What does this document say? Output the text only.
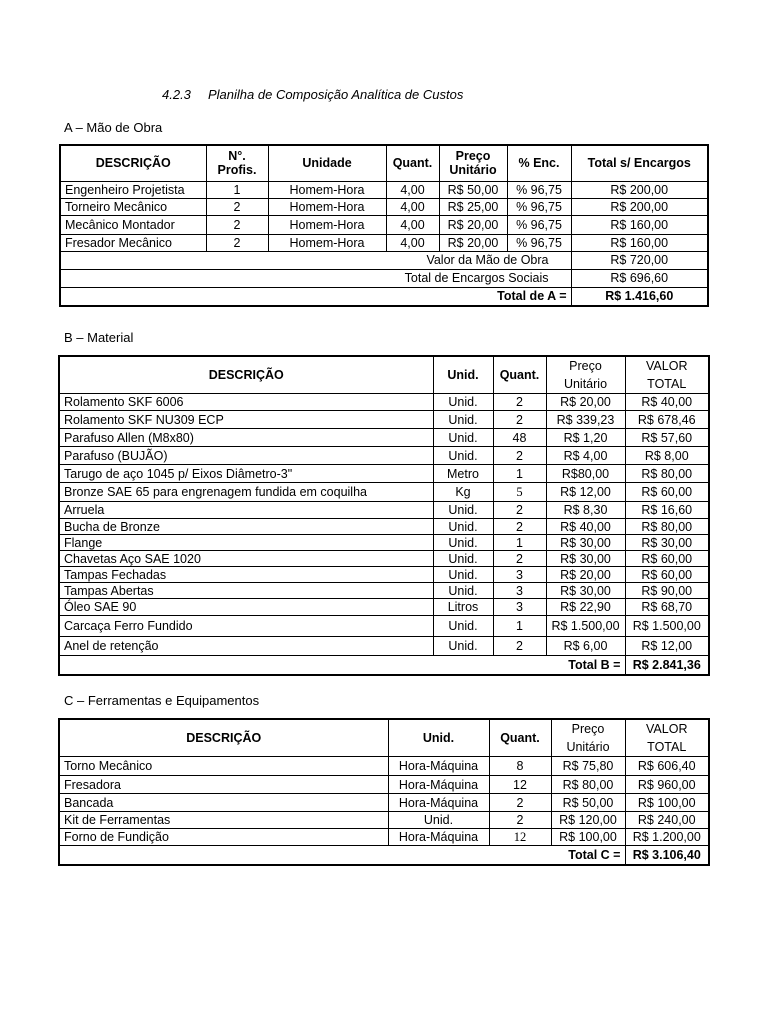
4.2.3 Planilha de Composição Analítica de Custos
A – Mão de Obra
DESCRIÇÃO	N°. Profis.	Unidade	Quant.	Preço Unitário	% Enc.	Total s/ Encargos
Engenheiro Projetista	1	Homem-Hora	4,00	R$ 50,00	% 96,75	R$ 200,00
Torneiro Mecânico	2	Homem-Hora	4,00	R$ 25,00	% 96,75	R$ 200,00
Mecânico Montador	2	Homem-Hora	4,00	R$ 20,00	% 96,75	R$ 160,00
Fresador Mecânico	2	Homem-Hora	4,00	R$ 20,00	% 96,75	R$ 160,00
Valor da Mão de Obra						R$ 720,00
Total de Encargos Sociais						R$ 696,60
Total de A =						R$ 1.416,60
B – Material
DESCRIÇÃO	Unid.	Quant.	Preço Unitário	VALOR TOTAL
Rolamento SKF 6006	Unid.	2	R$ 20,00	R$ 40,00
Rolamento SKF NU309 ECP	Unid.	2	R$ 339,23	R$ 678,46
Parafuso Allen (M8x80)	Unid.	48	R$ 1,20	R$ 57,60
Parafuso (BUJÃO)	Unid.	2	R$ 4,00	R$ 8,00
Tarugo de aço 1045 p/ Eixos Diâmetro-3"	Metro	1	R$80,00	R$ 80,00
Bronze SAE 65 para engrenagem fundida em coquilha	Kg	5	R$ 12,00	R$ 60,00
Arruela	Unid.	2	R$ 8,30	R$ 16,60
Bucha de Bronze	Unid.	2	R$ 40,00	R$ 80,00
Flange	Unid.	1	R$ 30,00	R$ 30,00
Chavetas Aço SAE 1020	Unid.	2	R$ 30,00	R$ 60,00
Tampas Fechadas	Unid.	3	R$ 20,00	R$ 60,00
Tampas Abertas	Unid.	3	R$ 30,00	R$ 90,00
Óleo SAE 90	Litros	3	R$ 22,90	R$ 68,70
Carcaça Ferro Fundido	Unid.	1	R$ 1.500,00	R$ 1.500,00
Anel de retenção	Unid.	2	R$ 6,00	R$ 12,00
Total B =				R$ 2.841,36
C – Ferramentas e Equipamentos
DESCRIÇÃO	Unid.	Quant.	Preço Unitário	VALOR TOTAL
Torno Mecânico	Hora-Máquina	8	R$ 75,80	R$ 606,40
Fresadora	Hora-Máquina	12	R$ 80,00	R$ 960,00
Bancada	Hora-Máquina	2	R$ 50,00	R$ 100,00
Kit de Ferramentas	Unid.	2	R$ 120,00	R$ 240,00
Forno de Fundição	Hora-Máquina	12	R$ 100,00	R$ 1.200,00
Total C =				R$ 3.106,40
